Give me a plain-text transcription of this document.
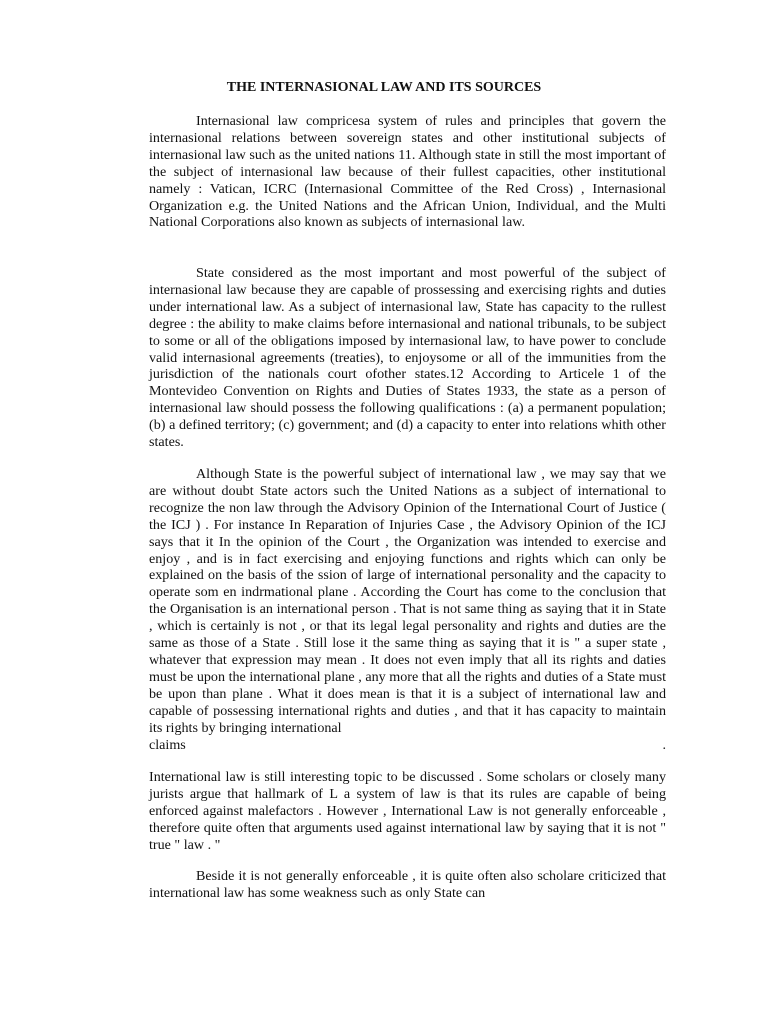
THE INTERNASIONAL LAW AND ITS SOURCES

Internasional law compricesa system of rules and principles that govern the internasional relations between sovereign states and other institutional subjects of internasional law such as the united nations 11. Although state in still the most important of the subject of internasional law because of their fullest capacities, other institutional namely : Vatican, ICRC (Internasional Committee of the Red Cross) , Internasional Organization e.g. the United Nations and the African Union, Individual, and the Multi National Corporations also known as subjects of internasional law.

State considered as the most important and most powerful of the subject of internasional law because they are capable of prossessing and exercising rights and duties under international law. As a subject of internasional law, State has capacity to the rullest degree : the ability to make claims before internasional and national tribunals, to be subject to some or all of the obligations imposed by internasional law, to have power to conclude valid internasional agreements (treaties), to enjoysome or all of the immunities from the jurisdiction of the nationals court ofother states.12 According to Articele 1 of the Montevideo Convention on Rights and Duties of States 1933, the state as a person of internasional law should possess the following qualifications : (a) a permanent population; (b) a defined territory; (c) government; and (d) a capacity to enter into relations whith other states.

Although State is the powerful subject of international law , we may say that we are without doubt State actors such the United Nations as a subject of international to recognize the non law through the Advisory Opinion of the International Court of Justice ( the ICJ ) . For instance In Reparation of Injuries Case , the Advisory Opinion of the ICJ says that it In the opinion of the Court , the Organization was intended to exercise and enjoy , and is in fact exercising and enjoying functions and rights which can only be explained on the basis of the ssion of large of international personality and the capacity to operate som en indrmational plane . According the Court has come to the conclusion that the Organisation is an international person . That is not same thing as saying that it in State , which is certainly is not , or that its legal legal personality and rights and duties are the same as those of a State . Still lose it the same thing as saying that it is " a super state , whatever that expression may mean . It does not even imply that all its rights and daties must be upon the international plane , any more that all the rights and duties of a State must be upon than plane . What it does mean is that it is a subject of international law and capable of possessing international rights and duties , and that it has capacity to maintain its rights by bringing international

claims	.

International law is still interesting topic to be discussed . Some scholars or closely many jurists argue that hallmark of L a system of law is that its rules are capable of being enforced against malefactors . However , International Law is not generally enforceable , therefore quite often that arguments used against international law by saying that it is not " true " law . "

Beside it is not generally enforceable , it is quite often also scholare criticized that international law has some weakness such as only State can
